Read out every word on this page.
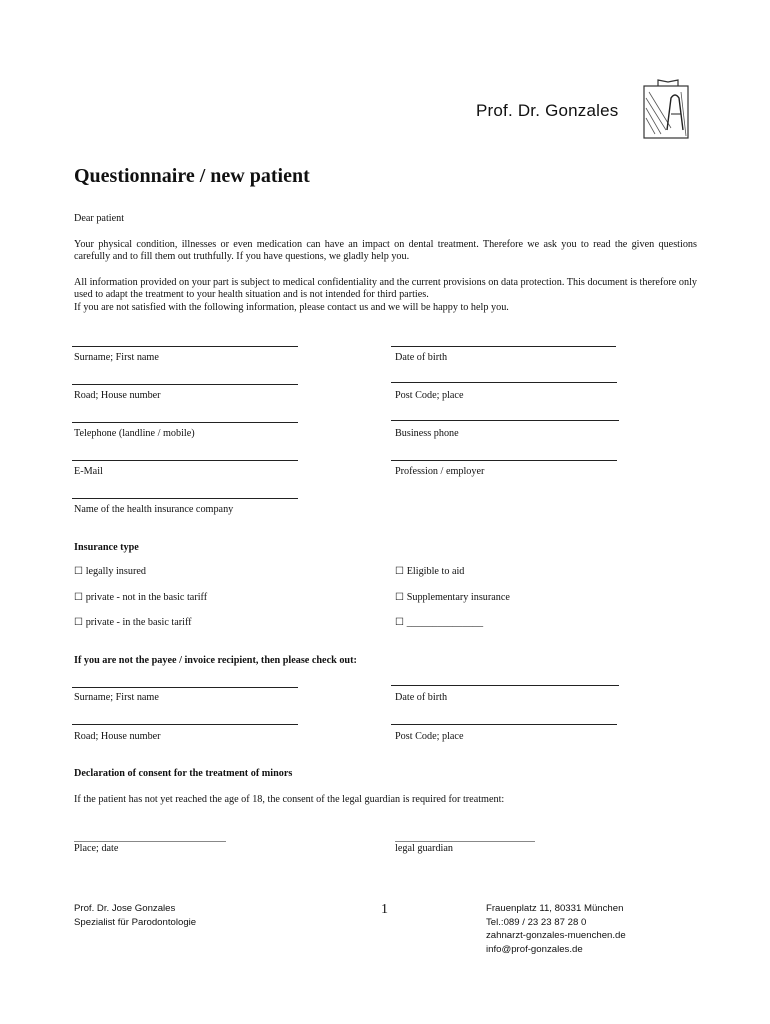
Prof. Dr. Gonzales
Questionnaire / new patient
Dear patient
Your physical condition, illnesses or even medication can have an impact on dental treatment. Therefore we ask you to read the given questions carefully and to fill them out truthfully. If you have questions, we gladly help you.
All information provided on your part is subject to medical confidentiality and the current provisions on data protection. This document is therefore only used to adapt the treatment to your health situation and is not intended for third parties.
If you are not satisfied with the following information, please contact us and we will be happy to help you.
Surname; First name	Date of birth
Road; House number	Post Code; place
Telephone (landline / mobile)	Business phone
E-Mail	Profession / employer
Name of the health insurance company
Insurance type
☐ legally insured	☐ Eligible to aid
☐ private - not in the basic tariff	☐ Supplementary insurance
☐ private - in the basic tariff	☐ _______________
If you are not the payee / invoice recipient, then please check out:
Surname; First name	Date of birth
Road; House number	Post Code; place
Declaration of consent for the treatment of minors
If the patient has not yet reached the age of 18, the consent of the legal guardian is required for treatment:
Place; date	legal guardian
Prof. Dr. Jose Gonzales
Spezialist für Parodontologie
1	Frauenplatz 11, 80331 München
Tel.:089 / 23 23 87 28 0
zahnarzt-gonzales-muenchen.de
info@prof-gonzales.de
